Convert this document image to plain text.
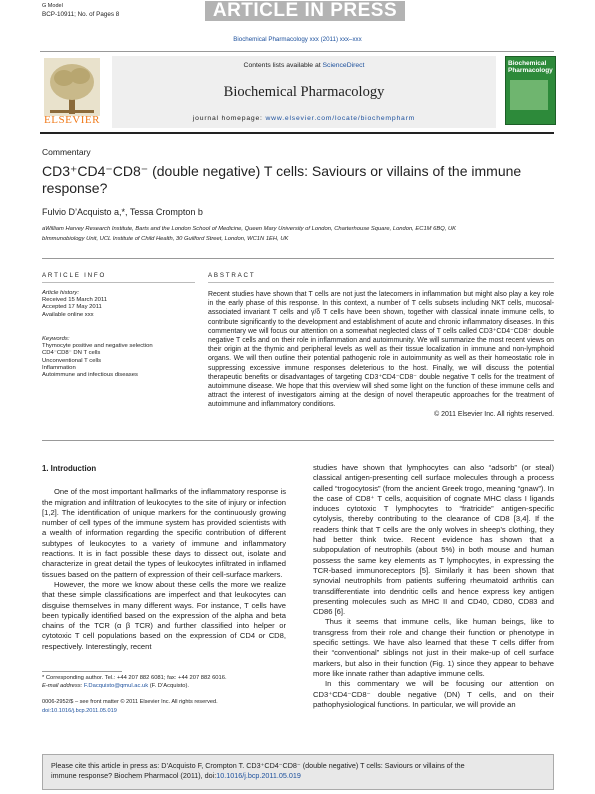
G Model
BCP-10911; No. of Pages 8	ARTICLE IN PRESS
Biochemical Pharmacology xxx (2011) xxx–xxx
ELSEVIER
Contents lists available at ScienceDirect
Biochemical Pharmacology
journal homepage: www.elsevier.com/locate/biochempharm
Biochemical Pharmacology
Commentary
CD3⁺CD4⁻CD8⁻ (double negative) T cells: Saviours or villains of the immune response?
Fulvio D’Acquisto a,*, Tessa Crompton b
aWilliam Harvey Research Institute, Barts and the London School of Medicine, Queen Mary University of London, Charterhouse Square, London, EC1M 6BQ, UK
bImmunobiology Unit, UCL Institute of Child Health, 30 Guilford Street, London, WC1N 1EH, UK
ARTICLE INFO
Article history:
Received 15 March 2011
Accepted 17 May 2011
Available online xxx
Keywords:
Thymocyte positive and negative selection
CD4⁻CD8⁻ DN T cells
Unconventional T cells
Inflammation
Autoimmune and infectious diseases
ABSTRACT
Recent studies have shown that T cells are not just the latecomers in inflammation but might also play a key role in the early phase of this response. In this context, a number of T cells subsets including NKT cells, mucosal-associated invariant T cells and γ/δ T cells have been shown, together with classical innate immune cells, to contribute significantly to the development and establishment of acute and chronic inflammatory diseases. In this commentary we will focus our attention on a somewhat neglected class of T cells called CD3⁺CD4⁻CD8⁻ double negative T cells and on their role in inflammation and autoimmunity. We will summarize the most recent views on their origin at the thymic and peripheral levels as well as their tissue localization in immune and non-lymphoid organs. We will then outline their potential pathogenic role in autoimmunity as well as their homeostatic role in suppressing excessive immune responses deleterious to the host. Finally, we will discuss the potential therapeutic benefits or disadvantages of targeting CD3⁺CD4⁻CD8⁻ double negative T cells for the treatment of autoimmune disease. We hope that this overview will shed some light on the function of these immune cells and attract the interest of investigators aiming at the design of novel therapeutic approaches for the treatment of autoimmune and inflammatory conditions.
© 2011 Elsevier Inc. All rights reserved.

1. Introduction

One of the most important hallmarks of the inflammatory response is the migration and infiltration of leukocytes to the site of injury or infection [1,2]. The identification of unique markers for the continuously growing number of cell types of the immune system has provided scientists with a wealth of information regarding the specific contribution of different subtypes of leukocytes to a variety of immune and inflammatory reactions. It is in fact possible these days to dissect out, isolate and characterize in great detail the types of leukocytes infiltrated in inflamed tissues based on the pattern of expression of their cell-surface markers.

However, the more we know about these cells the more we realize that these simple classifications are imperfect and that leukocytes can disguise themselves in many different ways. For instance, T cells have been typically identified based on the expression of the alpha and beta chains of the TCR (α β TCR) and further classified into helper or cytotoxic T cell populations based on the expression of CD4 or CD8, respectively. Interestingly, recent

studies have shown that lymphocytes can also “adsorb” (or steal) classical antigen-presenting cell surface molecules through a process called “trogocytosis” (from the ancient Greek trogo, meaning “gnaw”). In the case of CD8⁺ T cells, acquisition of cognate MHC class I ligands induces cytotoxic T lymphocytes to “fratricide” antigen-specific cytolysis, thereby contributing to the clearance of CD8 [3,4]. If the readers think that T cells are the only wolves in sheep’s clothing, they had better think twice. Recent evidence has shown that a subpopulation of neutrophils (about 5%) in both mouse and human possess the same key elements as T lymphocytes, in expressing the TCR-based immunoreceptors [5]. Similarly it has been shown that synovial neutrophils from patients suffering rheumatoid arthritis can transdifferentiate into dendritic cells and hence express key antigen presenting molecules such as MHC II and CD40, CD80, CD83 and CD86 [6].

Thus it seems that immune cells, like human beings, like to transgress from their role and change their function or phenotype in specific settings. We have also learned that these T cells differ from their “conventional” siblings not just in their make-up of cell surface markers, but also in their function (Fig. 1) since they appear to behave more like innate rather than adaptive immune cells.

In this commentary we will be focusing our attention on CD3⁺CD4⁻CD8⁻ double negative (DN) T cells, and on their pathophysiological functions. In particular, we will provide an

* Corresponding author. Tel.: +44 207 882 6081; fax: +44 207 882 6016.
E-mail address: F.Dacquisto@qmul.ac.uk (F. D’Acquisto).
0006-2952/$ – see front matter © 2011 Elsevier Inc. All rights reserved.
doi:10.1016/j.bcp.2011.05.019
Please cite this article in press as: D’Acquisto F, Crompton T. CD3⁺CD4⁻CD8⁻ (double negative) T cells: Saviours or villains of the
immune response? Biochem Pharmacol (2011), doi:10.1016/j.bcp.2011.05.019
